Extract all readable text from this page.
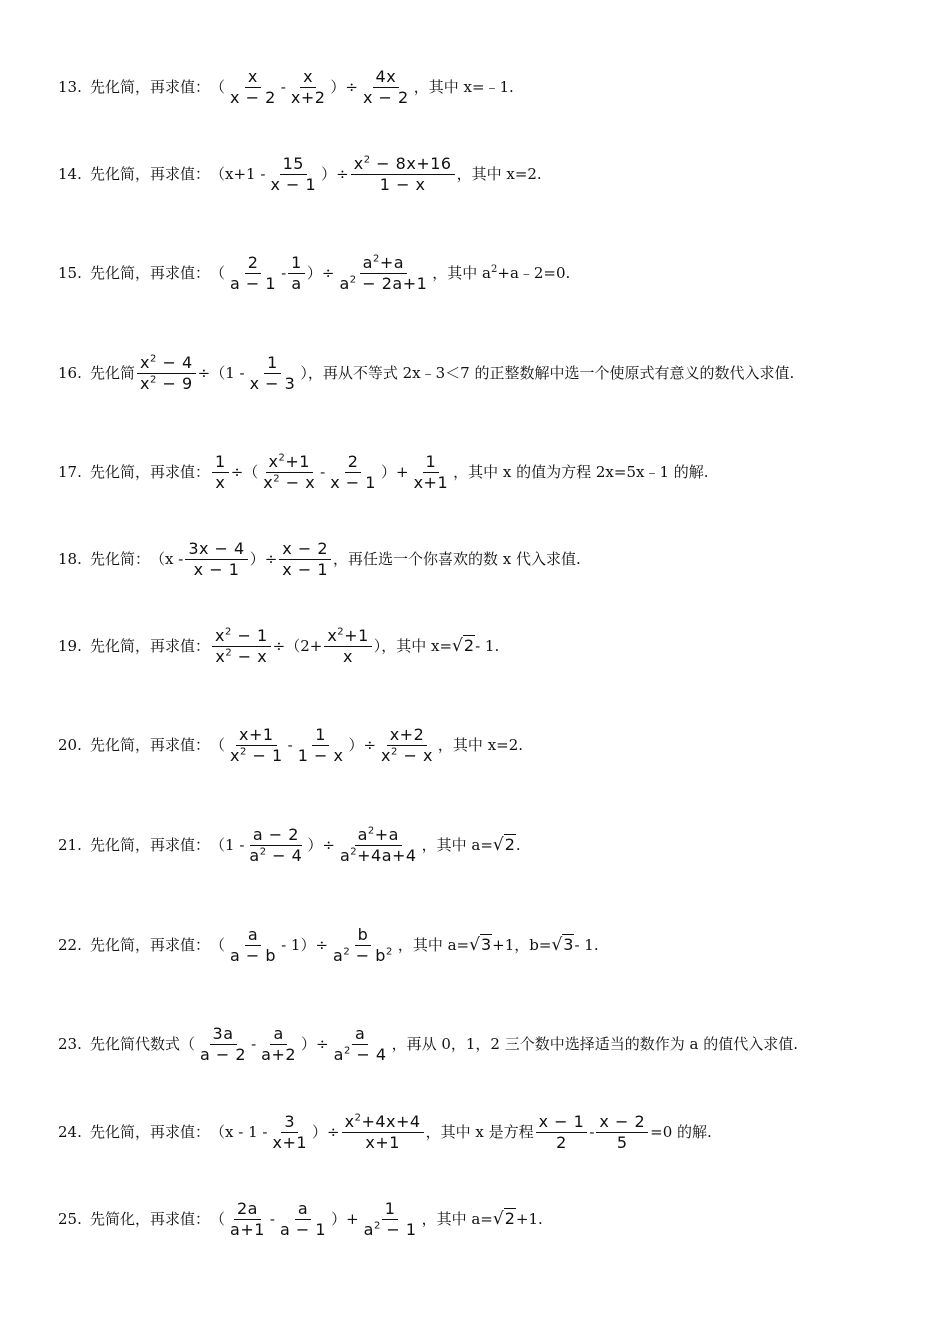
13. 先化简，再求值： （ $\frac{x}{x - 2} - \frac{x}{x+2}$ ）÷ $\frac{4x}{x - 2}$ ，其中 x=﹣1.
14. 先化简，再求值： （$x+1 - \frac{15}{x - 1}$ ）÷ $\frac{x^2 - 8x+16}{1 - x}$ ，其中 x=2.
15. 先化简，再求值： （ $\frac{2}{a - 1} - \frac{1}{a}$ ）÷ $\frac{a^2+a}{a^2 - 2a+1}$ ，其中 $a^2+a﹣2=0$.
16. 先化简 $\frac{x^2 - 4}{x^2 - 9} \div(1 - \frac{1}{x - 3}$ ），再从不等式 2x﹣3＜7 的正整数解中选一个使原式有意义的数代入求值.
17. 先化简，再求值： $\frac{1}{x}$ ÷（ $\frac{x^2+1}{x^2 - x} - \frac{2}{x - 1}$ ）+ $\frac{1}{x+1}$ ，其中 x 的值为方程 2x=5x﹣1 的解.
18. 先化简： （$x - \frac{3x - 4}{x - 1}$ ）÷ $\frac{x - 2}{x - 1}$ ，再任选一个你喜欢的数 x 代入求值.
19. 先化简，再求值： $\frac{x^2 - 1}{x^2 - x} \div(2+ \frac{x^2+1}{x}$ ），其中 x= √2 - 1.
20. 先化简，再求值： （ $\frac{x+1}{x^2 - 1} - \frac{1}{1 - x}$ ）÷ $\frac{x+2}{x^2 - x}$ ，其中 x=2.
21. 先化简，再求值： （$1 - \frac{a - 2}{a^2 - 4}$ ）÷ $\frac{a^2+a}{a^2+4a+4}$ ，其中 a= √2 .
22. 先化简，再求值： （ $\frac{a}{a - b} - 1)\div \frac{b}{a^2 - b^2}$ ，其中 a= √3 +1，b= √3 - 1.
23. 先化简代数式（ $\frac{3a}{a - 2} - \frac{a}{a+2}$ ）÷ $\frac{a}{a^2 - 4}$ ，再从 0，1，2 三个数中选择适当的数作为 a 的值代入求值.
24. 先化简，再求值： （$x - 1 - \frac{3}{x+1}$ ）÷ $\frac{x^2+4x+4}{x+1}$ ，其中 x 是方程 $\frac{x - 1}{2} - \frac{x - 2}{5} =0$ 的解.
25. 先简化，再求值： （ $\frac{2a}{a+1} - \frac{a}{a - 1}$ ）+ $\frac{1}{a^2 - 1}$ ，其中 a= √2 +1.
